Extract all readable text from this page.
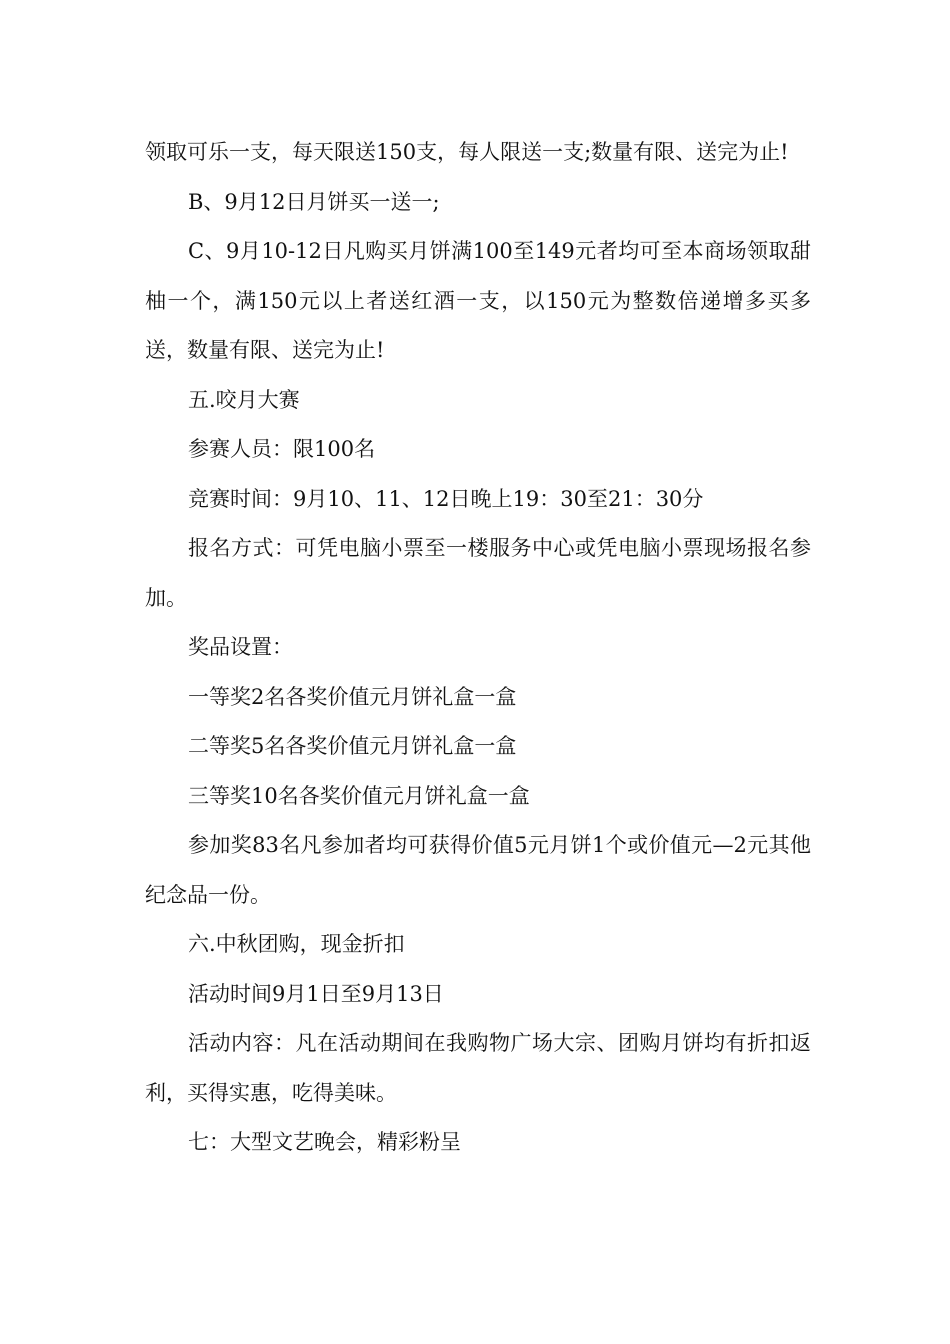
领取可乐一支，每天限送150支，每人限送一支;数量有限、送完为止!

B、9月12日月饼买一送一;

C、9月10-12日凡购买月饼满100至149元者均可至本商场领取甜柚一个，满150元以上者送红酒一支，以150元为整数倍递增多买多送，数量有限、送完为止!

五.咬月大赛

参赛人员：限100名

竞赛时间：9月10、11、12日晚上19：30至21：30分

报名方式：可凭电脑小票至一楼服务中心或凭电脑小票现场报名参加。

奖品设置：

一等奖2名各奖价值元月饼礼盒一盒

二等奖5名各奖价值元月饼礼盒一盒

三等奖10名各奖价值元月饼礼盒一盒

参加奖83名凡参加者均可获得价值5元月饼1个或价值元—2元其他纪念品一份。

六.中秋团购，现金折扣

活动时间9月1日至9月13日

活动内容：凡在活动期间在我购物广场大宗、团购月饼均有折扣返利，买得实惠，吃得美味。

七：大型文艺晚会，精彩粉呈
